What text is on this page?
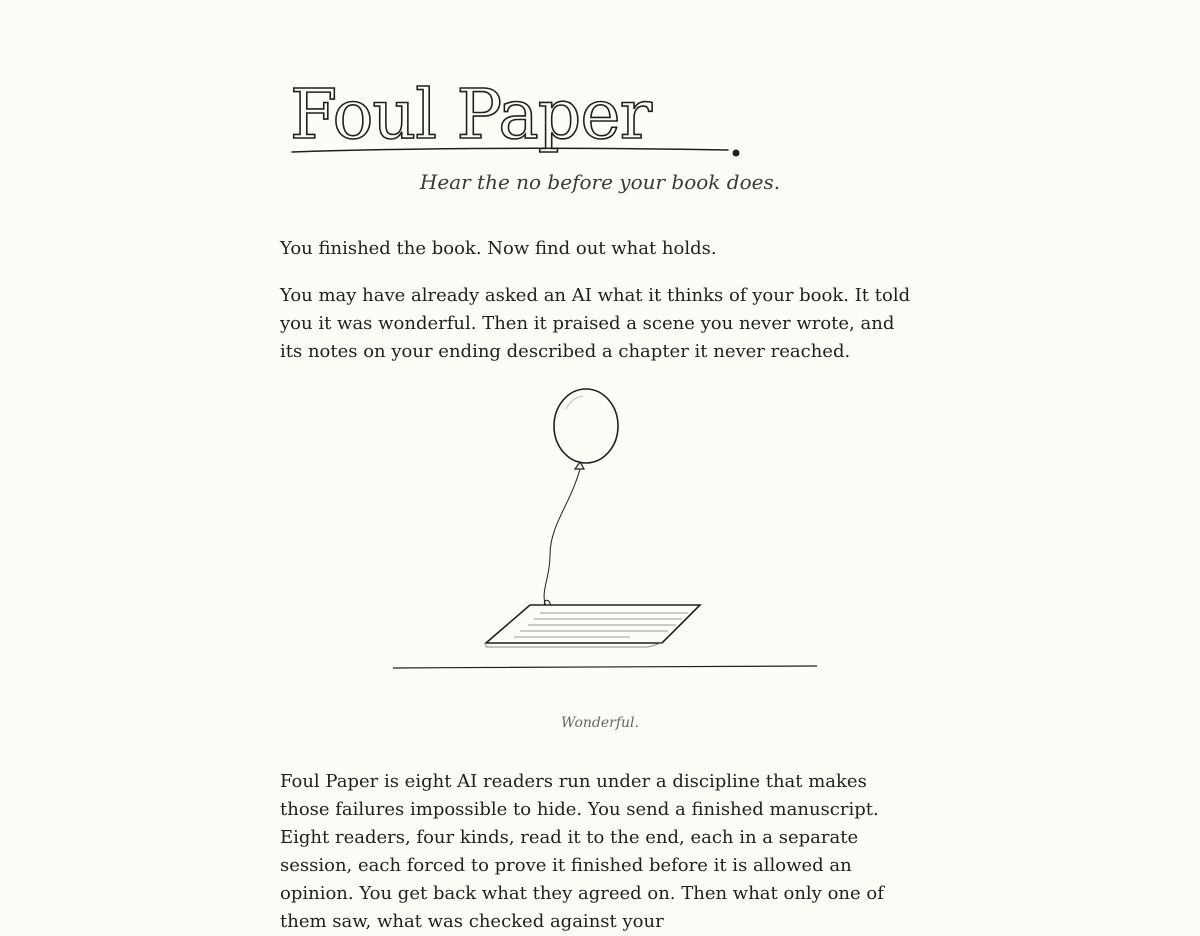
Foul Paper
Hear the no before your book does.

You finished the book. Now find out what holds.

You may have already asked an AI what it thinks of your book. It told you it was wonderful. Then it praised a scene you never wrote, and its notes on your ending described a chapter it never reached.

Wonderful.

Foul Paper is eight AI readers run under a discipline that makes those failures impossible to hide. You send a finished manuscript. Eight readers, four kinds, read it to the end, each in a separate session, each forced to prove it finished before it is allowed an opinion. You get back what they agreed on. Then what only one of them saw, what was checked against your
